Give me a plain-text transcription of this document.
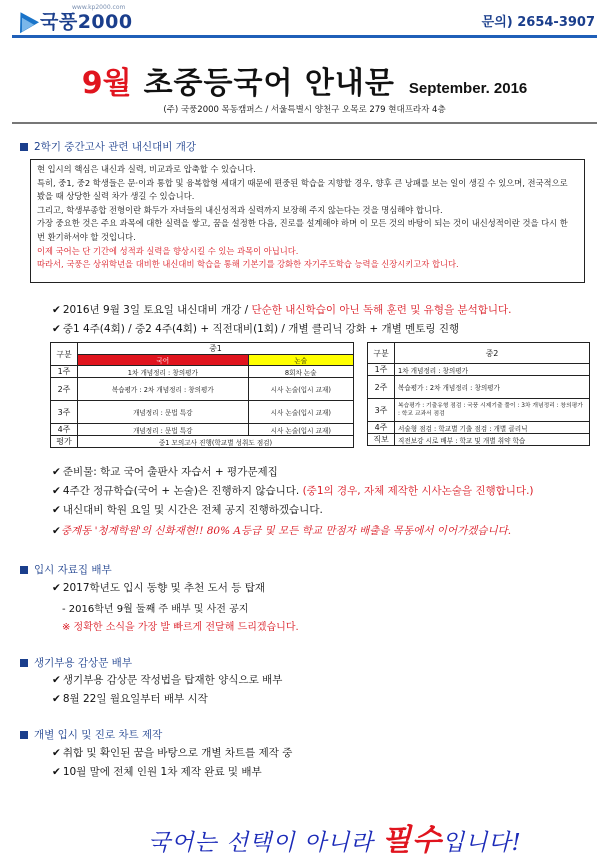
국풍2000
www.kp2000.com
문의) 2654-3907
9월 초중등국어 안내문 September. 2016
(주) 국풍2000 목동캠퍼스 / 서울특별시 양천구 오목로 279 현대프라자 4층
2학기 중간고사 관련 내신대비 개강

현 입시의 핵심은 내신과 실력, 비교과로 압축할 수 있습니다.

특히, 중1, 중2 학생들은 문·이과 통합 및 융복합형 세대기 때문에 편중된 학습을 지향할 경우, 향후 큰 낭패를 보는 일이 생길 수 있으며, 전국적으로 봤을 때 상당한 실력 차가 생길 수 있습니다.

그리고, 학생부종합 전형이란 화두가 자녀들의 내신성적과 실력까지 보장해 주지 않는다는 것을 명심해야 합니다.

가장 중요한 것은 주요 과목에 대한 실력을 쌓고, 꿈을 설정한 다음, 진로를 설계해야 하며 이 모든 것의 바탕이 되는 것이 내신성적이란 것을 다시 한 번 환기하셔야 할 것입니다.

이제 국어는 단 기간에 성적과 실력을 향상시킬 수 있는 과목이 아닙니다.

따라서, 국풍은 상위학년을 대비한 내신대비 학습을 통해 기본기를 강화한 자기주도학습 능력을 신장시키고자 합니다.

✔ 2016년 9월 3일 토요일 내신대비 개강 / 단순한 내신학습이 아닌 독해 훈련 및 유형을 분석합니다.
✔ 중1 4주(4회) / 중2 4주(4회) + 직전대비(1회) / 개별 클리닉 강화 + 개별 멘토링 진행
구분	중1	
	국어	논술
1주	1차 개념정리 : 창의평가	8회차 논술
2주	복습평가 : 2차 개념정리 : 창의평가	시사 논술(입시 교재)
3주	개념정리 : 문법 특강	시사 논술(입시 교재)
4주	개념정리 : 문법 특강	시사 논술(입시 교재)
평가	중1 모의고사 진행(학교별 성취도 점검)	
구분	중2
1주	1차 개념정리 : 창의평가
2주	복습평가 : 2차 개념정리 : 창의평가
3주	복습평가 : 기출유형 점검 : 국풍 시제기출 풀이 : 3차 개념정리 : 창의평가 : 학교 교과서 점검
4주	서술형 점검 : 학교별 기출 점검 : 개별 클리닉
직보	직전보강 시로 배부 : 학교 및 개별 취약 학습
✔ 준비물: 학교 국어 출판사 자습서 + 평가문제집
✔ 4주간 정규학습(국어 + 논술)은 진행하지 않습니다. (중1의 경우, 자체 제작한 시사논술을 진행합니다.)
✔ 내신대비 학원 요일 및 시간은 전체 공지 진행하겠습니다.
✔중계동 '청계학원'의 신화재현!! 80% A등급 및 모든 학교 만점자 배출을 목동에서 이어가겠습니다.
입시 자료집 배부
✔ 2017학년도 입시 동향 및 추천 도서 등 탑재
- 2016학년 9월 둘째 주 배부 및 사전 공지
※ 정확한 소식을 가장 발 빠르게 전달해 드리겠습니다.
생기부용 감상문 배부
✔ 생기부용 감상문 작성법을 탑재한 양식으로 배부
✔ 8월 22일 월요일부터 배부 시작
개별 입시 및 진로 차트 제작
✔ 취합 및 확인된 꿈을 바탕으로 개별 차트를 제작 중
✔ 10월 말에 전체 인원 1차 제작 완료 및 배부
국어는 선택이 아니라 필수입니다!
